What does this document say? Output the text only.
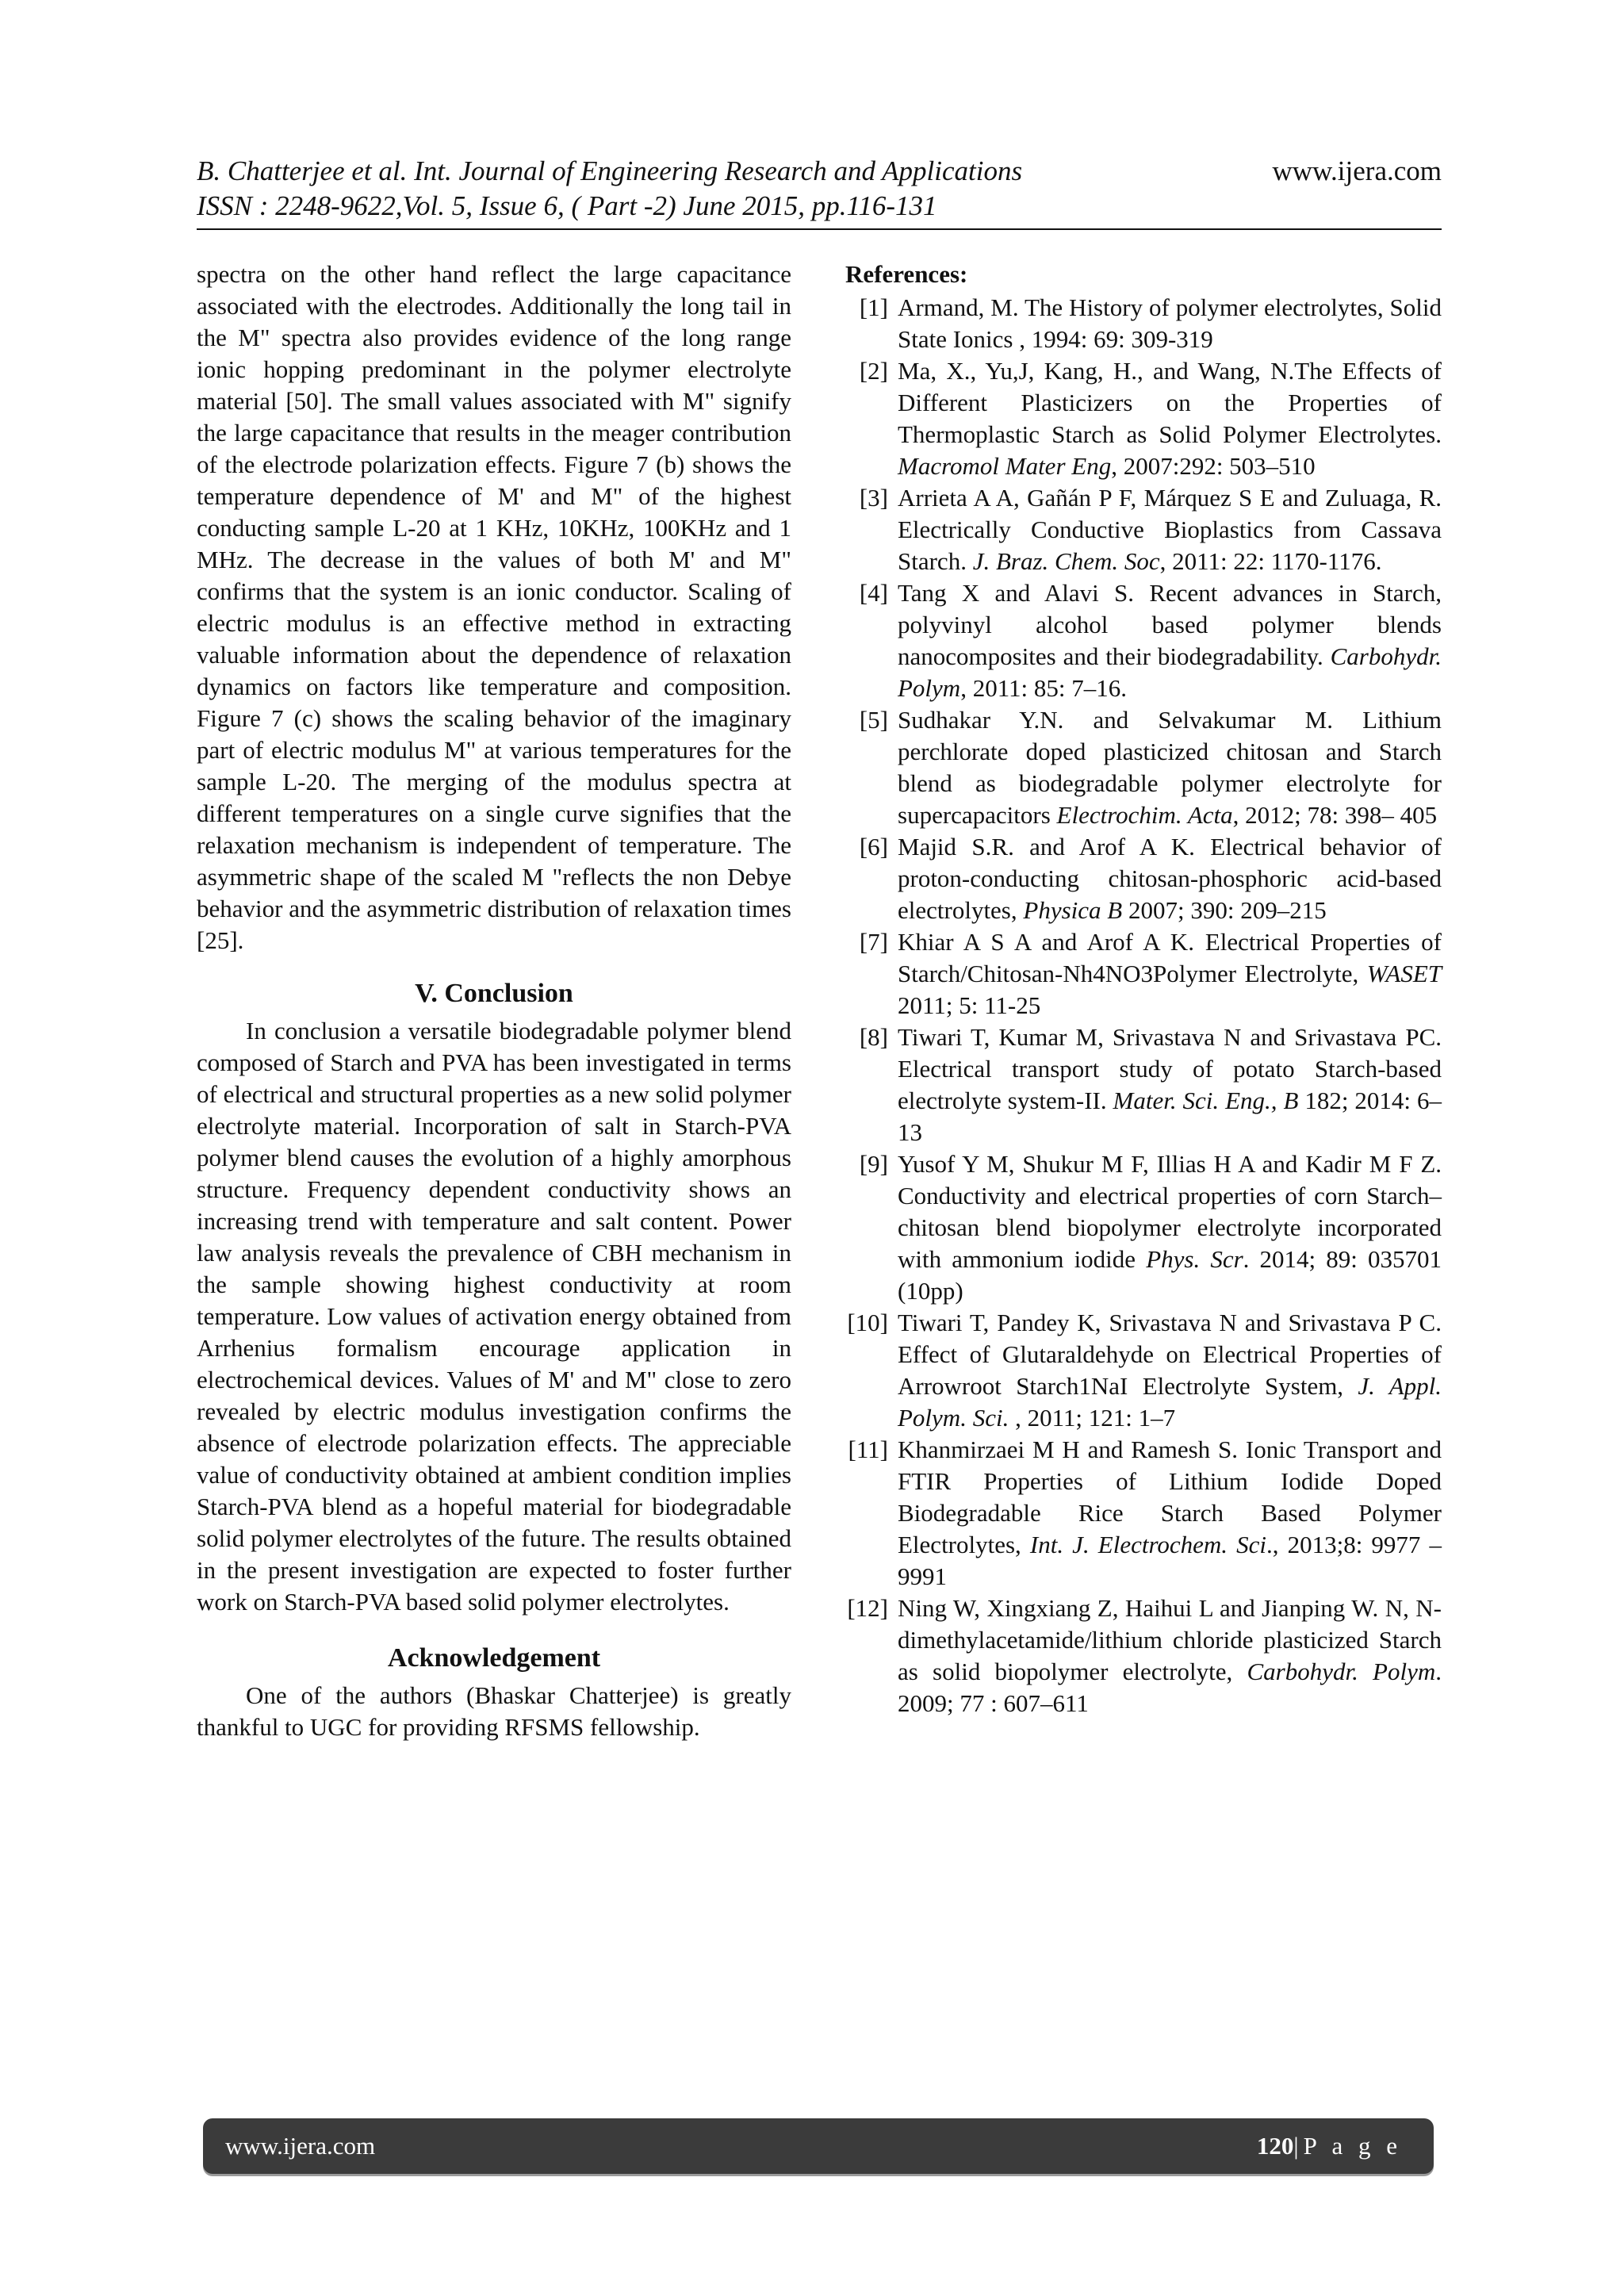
B. Chatterjee et al. Int. Journal of Engineering Research and Applications	www.ijera.com
ISSN : 2248-9622,Vol. 5, Issue 6, ( Part -2) June 2015, pp.116-131

spectra on the other hand reflect the large capacitance associated with the electrodes. Additionally the long tail in the M" spectra also provides evidence of the long range ionic hopping predominant in the polymer electrolyte material [50]. The small values associated with M" signify the large capacitance that results in the meager contribution of the electrode polarization effects. Figure 7 (b) shows the temperature dependence of M' and M" of the highest conducting sample L-20 at 1 KHz, 10KHz, 100KHz and 1 MHz. The decrease in the values of both M' and M" confirms that the system is an ionic conductor. Scaling of electric modulus is an effective method in extracting valuable information about the dependence of relaxation dynamics on factors like temperature and composition. Figure 7 (c) shows the scaling behavior of the imaginary part of electric modulus M" at various temperatures for the sample L-20. The merging of the modulus spectra at different temperatures on a single curve signifies that the relaxation mechanism is independent of temperature. The asymmetric shape of the scaled M "reflects the non Debye behavior and the asymmetric distribution of relaxation times [25].

V. Conclusion

In conclusion a versatile biodegradable polymer blend composed of Starch and PVA has been investigated in terms of electrical and structural properties as a new solid polymer electrolyte material. Incorporation of salt in Starch-PVA polymer blend causes the evolution of a highly amorphous structure. Frequency dependent conductivity shows an increasing trend with temperature and salt content. Power law analysis reveals the prevalence of CBH mechanism in the sample showing highest conductivity at room temperature. Low values of activation energy obtained from Arrhenius formalism encourage application in electrochemical devices. Values of M' and M" close to zero revealed by electric modulus investigation confirms the absence of electrode polarization effects. The appreciable value of conductivity obtained at ambient condition implies Starch-PVA blend as a hopeful material for biodegradable solid polymer electrolytes of the future. The results obtained in the present investigation are expected to foster further work on Starch-PVA based solid polymer electrolytes.

Acknowledgement

One of the authors (Bhaskar Chatterjee) is greatly thankful to UGC for providing RFSMS fellowship.

References:
[1] Armand, M. The History of polymer electrolytes, Solid State Ionics , 1994: 69: 309-319
[2] Ma, X., Yu,J, Kang, H., and Wang, N.The Effects of Different Plasticizers on the Properties of Thermoplastic Starch as Solid Polymer Electrolytes. Macromol Mater Eng, 2007:292: 503–510
[3] Arrieta A A, Gañán P F, Márquez S E and Zuluaga, R. Electrically Conductive Bioplastics from Cassava Starch. J. Braz. Chem. Soc, 2011: 22: 1170-1176.
[4] Tang X and Alavi S. Recent advances in Starch, polyvinyl alcohol based polymer blends nanocomposites and their biodegradability. Carbohydr. Polym, 2011: 85: 7–16.
[5] Sudhakar Y.N. and Selvakumar M. Lithium perchlorate doped plasticized chitosan and Starch blend as biodegradable polymer electrolyte for supercapacitors Electrochim. Acta, 2012; 78: 398– 405
[6] Majid S.R. and Arof A K. Electrical behavior of proton-conducting chitosan-phosphoric acid-based electrolytes, Physica B 2007; 390: 209–215
[7] Khiar A S A and Arof A K. Electrical Properties of Starch/Chitosan-Nh4NO3Polymer Electrolyte, WASET 2011; 5: 11-25
[8] Tiwari T, Kumar M, Srivastava N and Srivastava PC. Electrical transport study of potato Starch-based electrolyte system-II. Mater. Sci. Eng., B 182; 2014: 6– 13
[9] Yusof Y M, Shukur M F, Illias H A and Kadir M F Z. Conductivity and electrical properties of corn Starch–chitosan blend biopolymer electrolyte incorporated with ammonium iodide Phys. Scr. 2014; 89: 035701 (10pp)
[10] Tiwari T, Pandey K, Srivastava N and Srivastava P C. Effect of Glutaraldehyde on Electrical Properties of Arrowroot Starch1NaI Electrolyte System, J. Appl. Polym. Sci. , 2011; 121: 1–7
[11] Khanmirzaei M H and Ramesh S. Ionic Transport and FTIR Properties of Lithium Iodide Doped Biodegradable Rice Starch Based Polymer Electrolytes, Int. J. Electrochem. Sci., 2013;8: 9977 – 9991
[12] Ning W, Xingxiang Z, Haihui L and Jianping W. N, N-dimethylacetamide/lithium chloride plasticized Starch as solid biopolymer electrolyte, Carbohydr. Polym. 2009; 77 : 607–611
www.ijera.com	120|P a g e
